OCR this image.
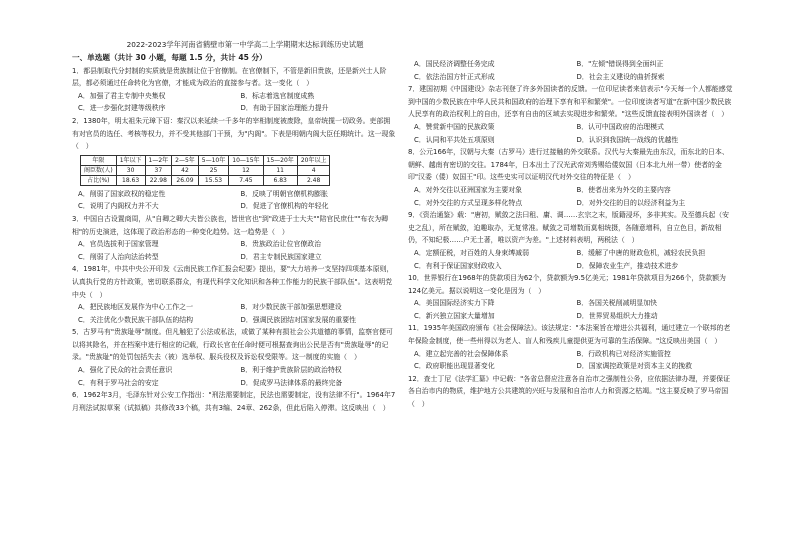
2022-2023学年河南省鹤壁市第一中学高二上学期期末达标训练历史试题
一、单选题（共计 30 小题，每题 1.5 分，共计 45 分）

1．都县制取代分封制的实质就是贵族制让位于官僚制。在官僚制下，不管是新旧贵族，还是新兴士人阶层，都必须通过任命转化为官僚，才能成为政治的直接参与者。这一变化（　）

A．加强了君主专制中央集权	B．标志着选官制度成熟

C．进一步强化封建等级秩序	D．有助于国家治理能力提升

2．1380年，明太祖朱元璋下诏：秦汉以来延续一千多年的宰相制度被废除，皇帝统揽一切政务。吏部拥有对官员的选任、考核等权力，并不受其他部门干预，为"内阁"。下表是明朝内阁大臣任期统计。这一现象（　）

年限	1年以下	1—2年	2—5年	5—10年	10—15年	15—20年	20年以上
阁臣数(人)	30	37	42	25	12	11	4
占比(%)	18.63	22.98	26.09	15.53	7.45	6.83	2.48

A．削弱了国家政权的稳定性	B．反映了明朝官僚机构膨胀

C．说明了内阁权力并不大	D．促进了官僚机构的年轻化

3．中国自古设置商周，从"自卿之卿大夫皆公族也，皆世官也"到"政进于士大夫""陪官民庶仕""布衣为卿相"的历史演进，这体现了政治形态的一种变化趋势。这一趋势是（　）

A．官员选拔利于国家管理	B．贵族政治让位官僚政治

C．削弱了人治向法治转型	D．君主专制民族国家建立

4．1981年，中共中央公开印发《云南民族工作汇报会纪要》提出，要"大力培养一支坚持四项基本原则，认真执行党的方针政策，密切联系群众，有现代科学文化知识和各种工作能力的民族干部队伍"。这表明党中央（　）

A．把民族地区发展作为中心工作之一	B．对少数民族干部加强思想建设

C．关注优化少数民族干部队伍的结构	D．强调民族团结对国家发展的重要性

5．古罗马有"贵族耻辱"制度。但凡触犯了公法或私法，或做了某种有损社会公共道德的事情，监察官便可以将其除名，并在档案中进行相应的记载，行政长官在任命时便可根据查询出公民是否有"贵族耻辱"的记录。"贵族耻"的处罚包括失去（被）选举权、服兵役权及诉讼权受限等。这一制度的实施（　）

A．强化了民众的社会责任意识	B．利于维护贵族阶层的政治特权

C．有利于罗马社会的安定	D．促成罗马法律体系的最终完备

6．1962年3月，毛泽东针对公安工作指出："刑法需要制定，民法也需要制定，没有法律不行"。1964年7月刑法试拟草案（试拟稿）共修改33个稿，共有3编、24章、262条，但此后陷入停滞。这反映出（　）

A．国民经济调整任务完成	B．"左倾"错误得到全面纠正

C．依法治国方针正式形成	D．社会主义建设的曲折探索

7．建国初期《中国建设》杂志刊登了许多外国读者的反馈。一位印尼读者来信表示"今天每一个人都能感觉到中国的少数民族在中华人民共和国政府的治理下享有和平和繁荣"。一位印度读者写道"在新中国少数民族人民享有的政治权利上的自由，还享有自由的区域去实现进步和繁荣。"这些反馈直接表明外国读者（　）

A．赞赏新中国的民族政策	B．认可中国政府的治理模式

C．认同和平共处五项原则	D．认识到我国统一战线的优越性

8．公元166年，汉朝与大秦（古罗马）进行过接触的外交联系。汉代与大秦最先由东汉，而东北的日本、朝鲜、越南有密切的交往。1784年，日本出土了汉光武帝刘秀赐给倭奴国（日本北九州一带）使者的金印"汉委（倭）奴国王"印。这些史实可以证明汉代对外交往的特征是（　）

A．对外交往以亚洲国家为主要对象	B．使者出来为外交的主要内容

C．对外交往的方式呈现多样化特点	D．对外交往的目的以经济利益为主

9．《资治通鉴》载："唐初，赋敛之法曰租、庸、调……玄宗之末，版籍浸坏，多非其实。及至德兵起（安史之乱），所在赋敛，迫趣取办，无复常准。赋敛之司增数而莫相统摄，各随意增科，自立色目，新故相仍，不知纪极……户无土著，唯以资产为差。"上述材料表明，两税法（　）

A．定额征税，对百姓的人身束缚减弱	B．缓解了中唐的财政危机，减轻农民负担

C．有利于保证国家财政收入	D．保障农业生产，推动技术进步

10．世界银行在1968年的贷款项目为62个，贷款额为9.5亿美元；1981年贷款项目为266个，贷款额为124亿美元。据以说明这一变化是因为（　）

A．美国国际经济实力下降	B．各国关税削减明显加快

C．新兴独立国家大量增加	D．世界贸易组织大力推动

11．1935年美国政府颁布《社会保障法》。该法规定："本法案旨在增进公共福利，通过建立一个联邦的老年保险金制度，使一些州得以为老人、盲人和残疾儿童提供更为可靠的生活保障。"这反映出美国（　）

A．建立起完善的社会保障体系	B．行政机构已对经济实施管控

C．政府职能出现显著变化	D．国家调控政策是对资本主义的挽救

12．查士丁尼《法学汇纂》中记载："各省总督应注意各自治市之强制性公务，应依据法律办理，并要保证各自治市内的物质，维护地方公共建筑的兴旺与发展和自治市人力和资源之枯竭。"这主要反映了罗马帝国（　）
